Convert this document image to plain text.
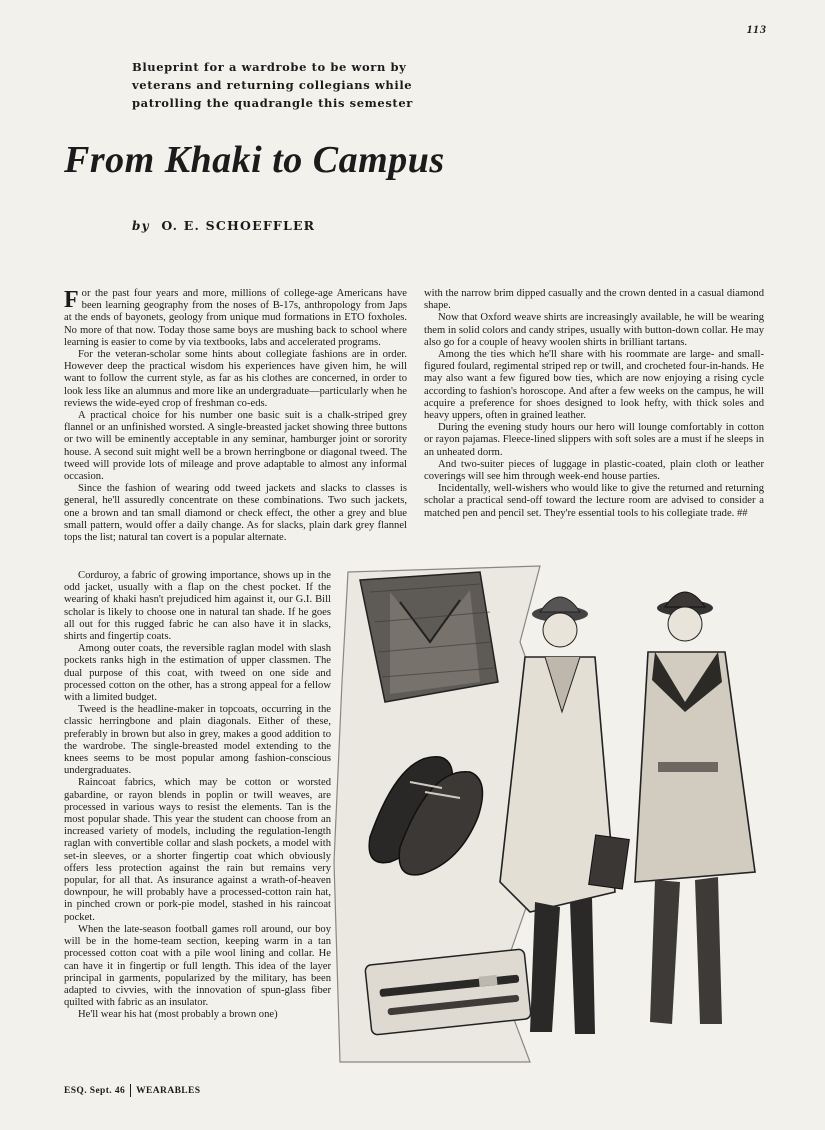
113
Blueprint for a wardrobe to be worn by veterans and returning collegians while patrolling the quadrangle this semester
From Khaki to Campus
by O. E. SCHOEFFLER

For the past four years and more, millions of college-age Americans have been learning geography from the noses of B-17s, anthropology from Japs at the ends of bayonets, geology from unique mud formations in ETO foxholes. No more of that now. Today those same boys are mushing back to school where learning is easier to come by via textbooks, labs and accelerated programs.

For the veteran-scholar some hints about collegiate fashions are in order. However deep the practical wisdom his experiences have given him, he will want to follow the current style, as far as his clothes are concerned, in order to look less like an alumnus and more like an undergraduate—particularly when he reviews the wide-eyed crop of freshman co-eds.

A practical choice for his number one basic suit is a chalk-striped grey flannel or an unfinished worsted. A single-breasted jacket showing three buttons or two will be eminently acceptable in any seminar, hamburger joint or sorority house. A second suit might well be a brown herringbone or diagonal tweed. The tweed will provide lots of mileage and prove adaptable to almost any informal occasion.

Since the fashion of wearing odd tweed jackets and slacks to classes is general, he'll assuredly concentrate on these combinations. Two such jackets, one a brown and tan small diamond or check effect, the other a grey and blue small pattern, would offer a daily change. As for slacks, plain dark grey flannel tops the list; natural tan covert is a popular alternate.

Corduroy, a fabric of growing importance, shows up in the odd jacket, usually with a flap on the chest pocket. If the wearing of khaki hasn't prejudiced him against it, our G.I. Bill scholar is likely to choose one in natural tan shade. If he goes all out for this rugged fabric he can also have it in slacks, shirts and fingertip coats.

Among outer coats, the reversible raglan model with slash pockets ranks high in the estimation of upper classmen. The dual purpose of this coat, with tweed on one side and processed cotton on the other, has a strong appeal for a fellow with a limited budget.

Tweed is the headline-maker in topcoats, occurring in the classic herringbone and plain diagonals. Either of these, preferably in brown but also in grey, makes a good addition to the wardrobe. The single-breasted model extending to the knees seems to be most popular among fashion-conscious undergraduates.

Raincoat fabrics, which may be cotton or worsted gabardine, or rayon blends in poplin or twill weaves, are processed in various ways to resist the elements. Tan is the most popular shade. This year the student can choose from an increased variety of models, including the regulation-length raglan with convertible collar and slash pockets, a model with set-in sleeves, or a shorter fingertip coat which obviously offers less protection against the rain but remains very popular, for all that. As insurance against a wrath-of-heaven downpour, he will probably have a processed-cotton rain hat, in pinched crown or pork-pie model, stashed in his raincoat pocket.

When the late-season football games roll around, our boy will be in the home-team section, keeping warm in a tan processed cotton coat with a pile wool lining and collar. He can have it in fingertip or full length. This idea of the layer principal in garments, popularized by the military, has been adapted to civvies, with the innovation of spun-glass fiber quilted with fabric as an insulator.

He'll wear his hat (most probably a brown one)

with the narrow brim dipped casually and the crown dented in a casual diamond shape.

Now that Oxford weave shirts are increasingly available, he will be wearing them in solid colors and candy stripes, usually with button-down collar. He may also go for a couple of heavy woolen shirts in brilliant tartans.

Among the ties which he'll share with his roommate are large- and small-figured foulard, regimental striped rep or twill, and crocheted four-in-hands. He may also want a few figured bow ties, which are now enjoying a rising cycle according to fashion's horoscope. And after a few weeks on the campus, he will acquire a preference for shoes designed to look hefty, with thick soles and heavy uppers, often in grained leather.

During the evening study hours our hero will lounge comfortably in cotton or rayon pajamas. Fleece-lined slippers with soft soles are a must if he sleeps in an unheated dorm.

And two-suiter pieces of luggage in plastic-coated, plain cloth or leather coverings will see him through week-end house parties.

Incidentally, well-wishers who would like to give the returned and returning scholar a practical send-off toward the lecture room are advised to consider a matched pen and pencil set. They're essential tools to his collegiate trade. ##

ESQ. Sept. 46 WEARABLES
